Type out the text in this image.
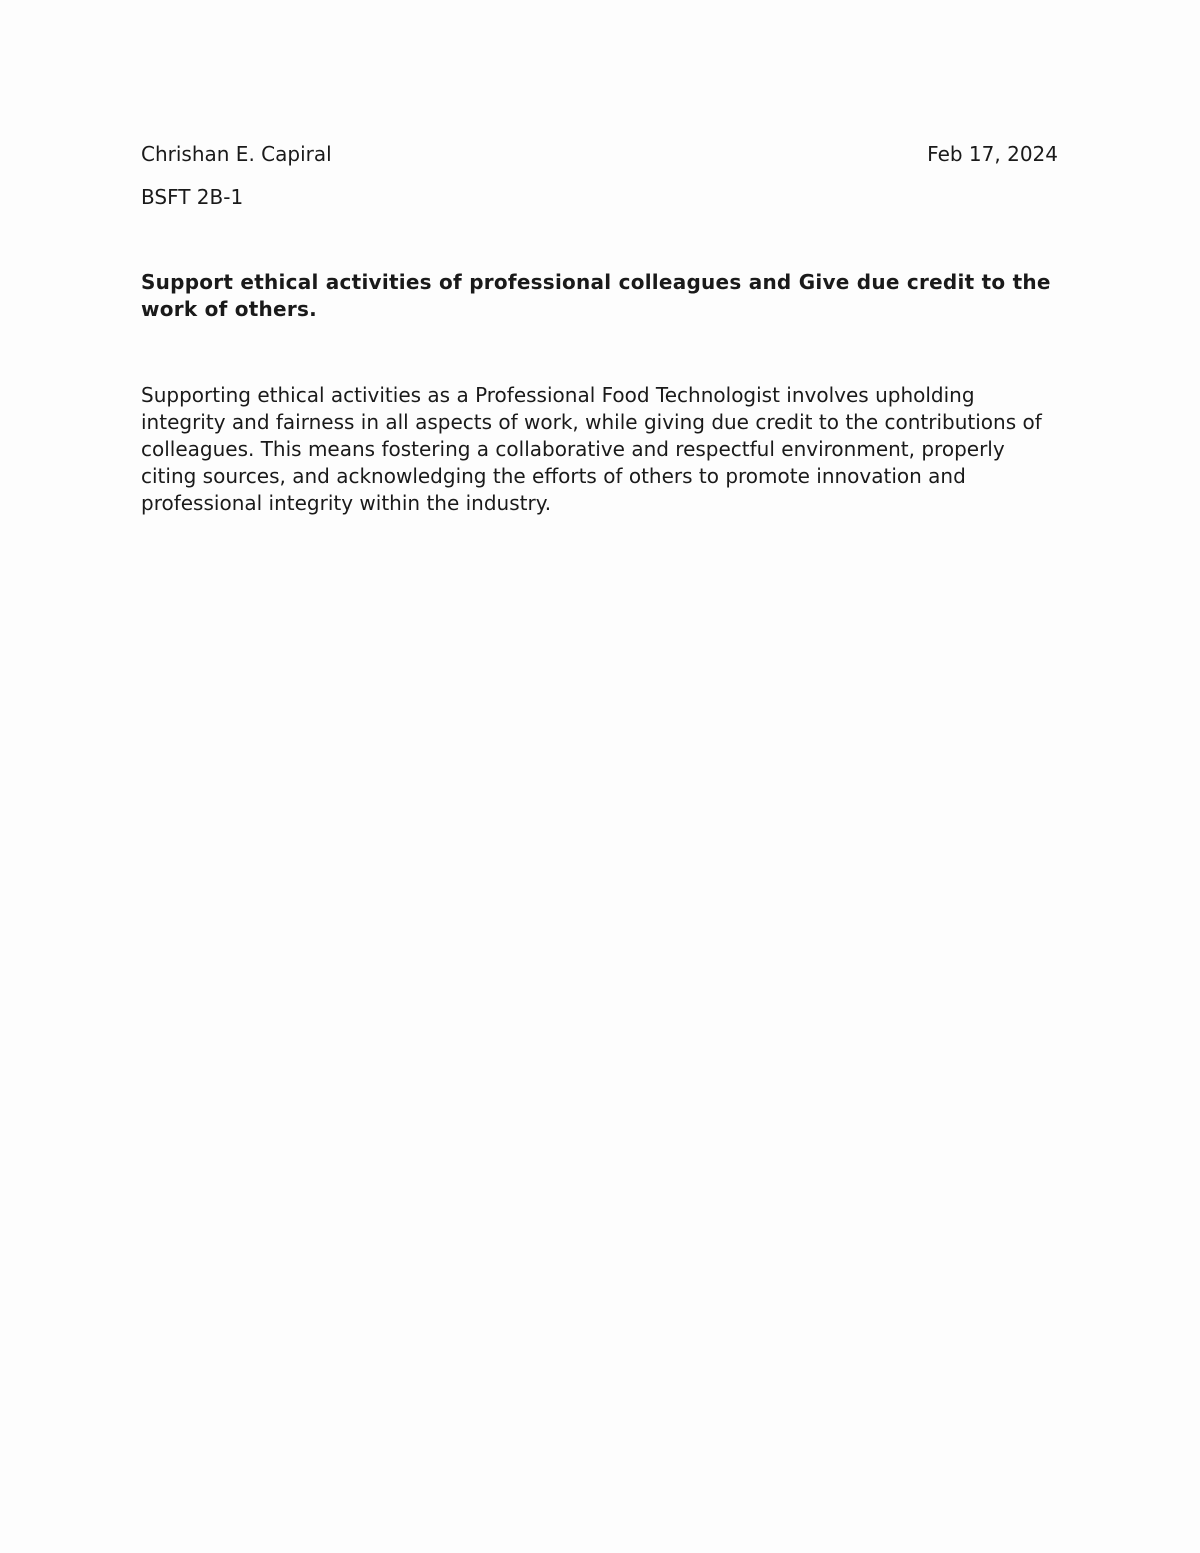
Chrishan E. Capiral	Feb 17, 2024
BSFT 2B-1
Support ethical activities of professional colleagues and Give due credit to the work of others.

Supporting ethical activities as a Professional Food Technologist involves upholding integrity and fairness in all aspects of work, while giving due credit to the contributions of colleagues. This means fostering a collaborative and respectful environment, properly citing sources, and acknowledging the efforts of others to promote innovation and professional integrity within the industry.
